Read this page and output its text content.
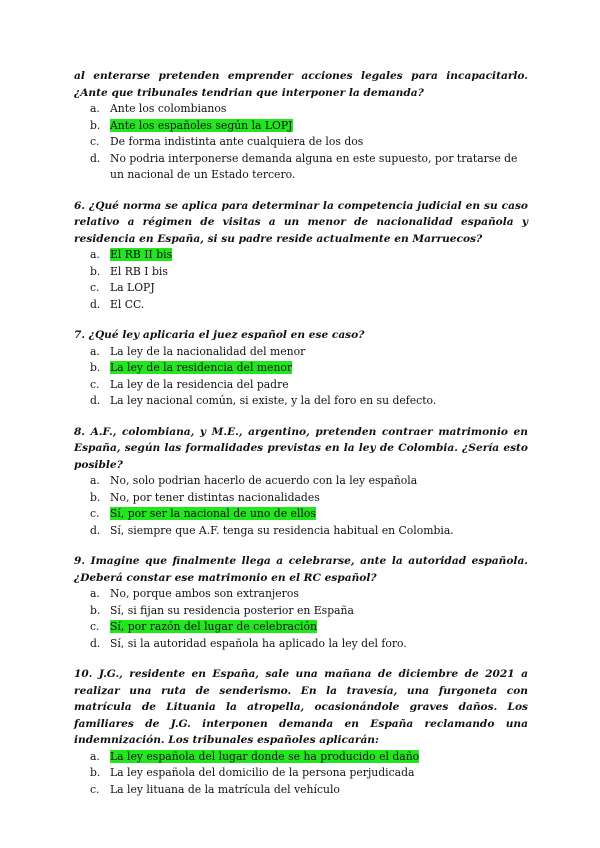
al enterarse pretenden emprender acciones legales para incapacitarlo. ¿Ante que tribunales tendrian que interponer la demanda?

a. Ante los colombianos
b. Ante los españoles según la LOPJ
c. De forma indistinta ante cualquiera de los dos
d. No podria interponerse demanda alguna en este supuesto, por tratarse de un nacional de un Estado tercero.

6. ¿Qué norma se aplica para determinar la competencia judicial en su caso relativo a régimen de visitas a un menor de nacionalidad española y residencia en España, si su padre reside actualmente en Marruecos?

a. El RB II bis
b. El RB I bis
c. La LOPJ
d. El CC.

7. ¿Qué ley aplicaria el juez español en ese caso?

a. La ley de la nacionalidad del menor
b. La ley de la residencia del menor
c. La ley de la residencia del padre
d. La ley nacional común, si existe, y la del foro en su defecto.

8. A.F., colombiana, y M.E., argentino, pretenden contraer matrimonio en España, según las formalidades previstas en la ley de Colombia. ¿Sería esto posible?

a. No, solo podrian hacerlo de acuerdo con la ley española
b. No, por tener distintas nacionalidades
c. Sí, por ser la nacional de uno de ellos
d. Sí, siempre que A.F. tenga su residencia habitual en Colombia.

9. Imagine que finalmente llega a celebrarse, ante la autoridad española. ¿Deberá constar ese matrimonio en el RC español?

a. No, porque ambos son extranjeros
b. Sí, si fijan su residencia posterior en España
c. Sí, por razón del lugar de celebración
d. Sí, si la autoridad española ha aplicado la ley del foro.

10. J.G., residente en España, sale una mañana de diciembre de 2021 a realizar una ruta de senderismo. En la travesía, una furgoneta con matrícula de Lituania la atropella, ocasionándole graves daños. Los familiares de J.G. interponen demanda en España reclamando una indemnización. Los tribunales españoles aplicarán:

a. La ley española del lugar donde se ha producido el daño
b. La ley española del domicilio de la persona perjudicada
c. La ley lituana de la matrícula del vehículo
